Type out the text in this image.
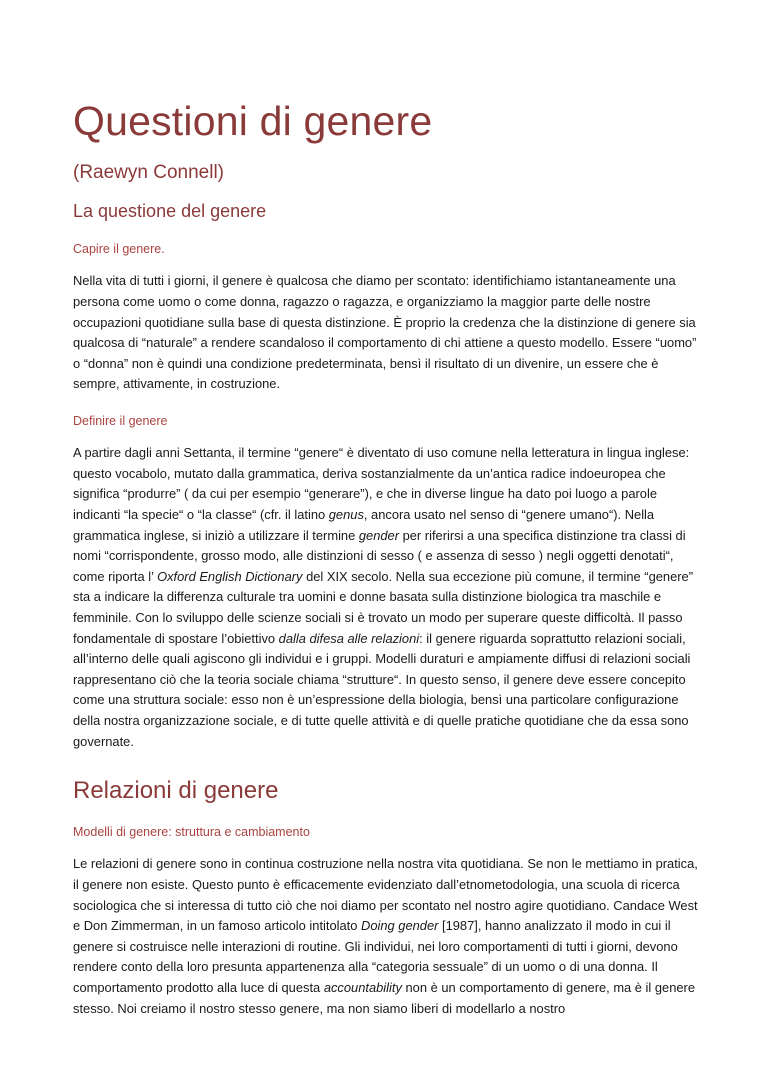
Questioni di genere
(Raewyn Connell)
La questione del genere
Capire il genere.

Nella vita di tutti i giorni, il genere è qualcosa che diamo per scontato: identifichiamo istantaneamente una persona come uomo o come donna, ragazzo o ragazza, e organizziamo la maggior parte delle nostre occupazioni quotidiane sulla base di questa distinzione. È proprio la credenza che la distinzione di genere sia qualcosa di “naturale” a rendere scandaloso il comportamento di chi attiene a questo modello. Essere “uomo” o “donna” non è quindi una condizione predeterminata, bensì il risultato di un divenire, un essere che è sempre, attivamente, in costruzione.

Definire il genere

A partire dagli anni Settanta, il termine “genere“ è diventato di uso comune nella letteratura in lingua inglese: questo vocabolo, mutato dalla grammatica, deriva sostanzialmente da un’antica radice indoeuropea che significa “produrre” ( da cui per esempio “generare”), e che in diverse lingue ha dato poi luogo a parole indicanti “la specie“ o “la classe“ (cfr. il latino genus, ancora usato nel senso di “genere umano“). Nella grammatica inglese, si iniziò a utilizzare il termine gender per riferirsi a una specifica distinzione tra classi di nomi “corrispondente, grosso modo, alle distinzioni di sesso ( e assenza di sesso ) negli oggetti denotati“, come riporta l’ Oxford English Dictionary del XIX secolo. Nella sua eccezione più comune, il termine “genere” sta a indicare la differenza culturale tra uomini e donne basata sulla distinzione biologica tra maschile e femminile. Con lo sviluppo delle scienze sociali si è trovato un modo per superare queste difficoltà. Il passo fondamentale di spostare l’obiettivo dalla difesa alle relazioni: il genere riguarda soprattutto relazioni sociali, all’interno delle quali agiscono gli individui e i gruppi. Modelli duraturi e ampiamente diffusi di relazioni sociali rappresentano ciò che la teoria sociale chiama “strutture“. In questo senso, il genere deve essere concepito come una struttura sociale: esso non è un’espressione della biologia, bensì una particolare configurazione della nostra organizzazione sociale, e di tutte quelle attività e di quelle pratiche quotidiane che da essa sono governate.

Relazioni di genere
Modelli di genere: struttura e cambiamento

Le relazioni di genere sono in continua costruzione nella nostra vita quotidiana. Se non le mettiamo in pratica, il genere non esiste. Questo punto è efficacemente evidenziato dall’etnometodologia, una scuola di ricerca sociologica che si interessa di tutto ciò che noi diamo per scontato nel nostro agire quotidiano. Candace West e Don Zimmerman, in un famoso articolo intitolato Doing gender [1987], hanno analizzato il modo in cui il genere si costruisce nelle interazioni di routine. Gli individui, nei loro comportamenti di tutti i giorni, devono rendere conto della loro presunta appartenenza alla “categoria sessuale” di un uomo o di una donna. Il comportamento prodotto alla luce di questa accountability non è un comportamento di genere, ma è il genere stesso. Noi creiamo il nostro stesso genere, ma non siamo liberi di modellarlo a nostro
